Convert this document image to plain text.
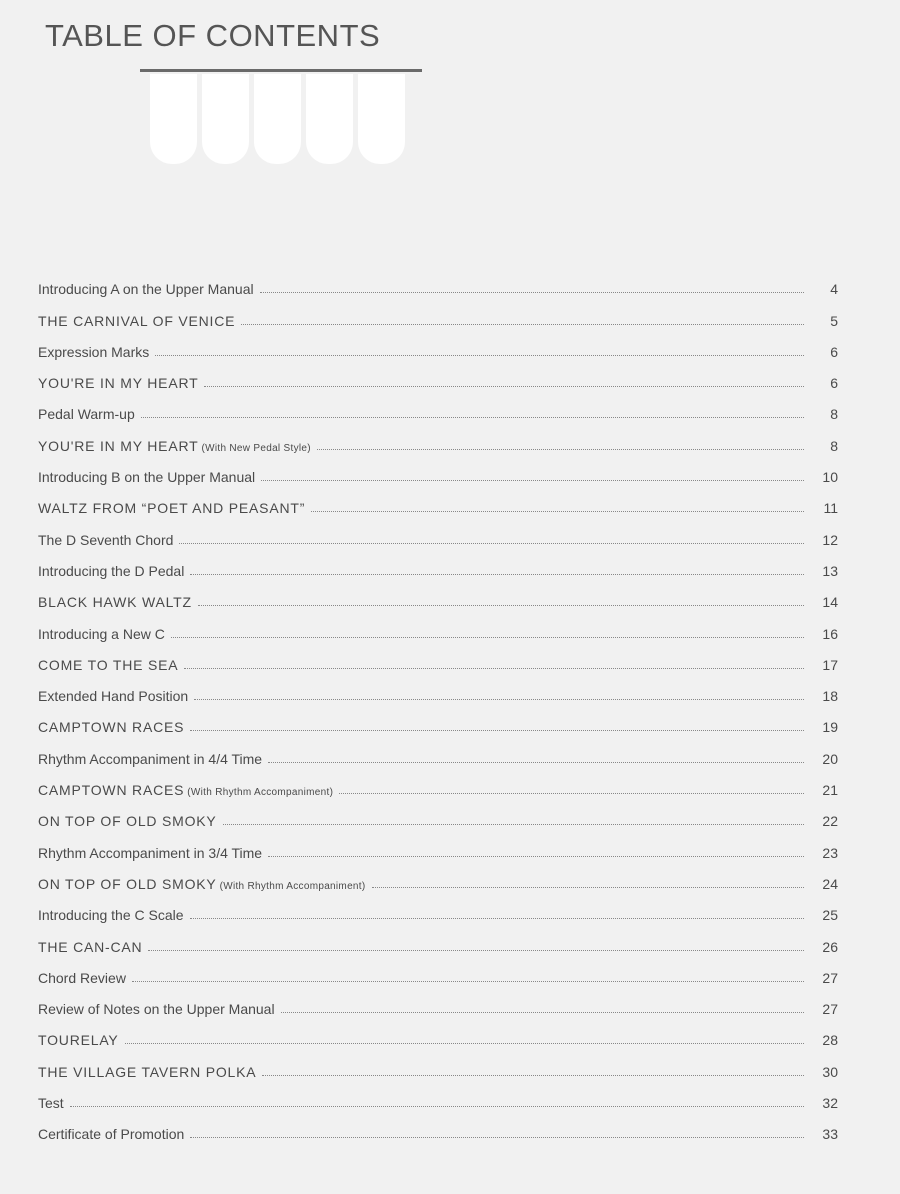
TABLE OF CONTENTS
Introducing A on the Upper Manual	4
THE CARNIVAL OF VENICE	5
Expression Marks	6
YOU'RE IN MY HEART	6
Pedal Warm-up	8
YOU'RE IN MY HEART (With New Pedal Style)	8
Introducing B on the Upper Manual	10
WALTZ FROM “POET AND PEASANT”	11
The D Seventh Chord	12
Introducing the D Pedal	13
BLACK HAWK WALTZ	14
Introducing a New C	16
COME TO THE SEA	17
Extended Hand Position	18
CAMPTOWN RACES	19
Rhythm Accompaniment in 4/4 Time	20
CAMPTOWN RACES (With Rhythm Accompaniment)	21
ON TOP OF OLD SMOKY	22
Rhythm Accompaniment in 3/4 Time	23
ON TOP OF OLD SMOKY (With Rhythm Accompaniment)	24
Introducing the C Scale	25
THE CAN-CAN	26
Chord Review	27
Review of Notes on the Upper Manual	27
TOURELAY	28
THE VILLAGE TAVERN POLKA	30
Test	32
Certificate of Promotion	33
